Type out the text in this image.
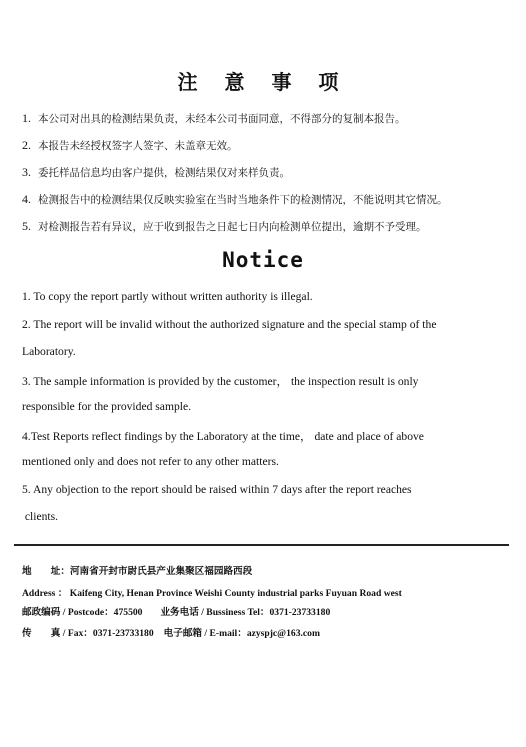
注 意 事 项
1. 本公司对出具的检测结果负责，未经本公司书面同意，不得部分的复制本报告。
2. 本报告未经授权签字人签字、未盖章无效。
3. 委托样品信息均由客户提供，检测结果仅对来样负责。
4. 检测报告中的检测结果仅反映实验室在当时当地条件下的检测情况，不能说明其它情况。
5. 对检测报告若有异议，应于收到报告之日起七日内向检测单位提出，逾期不予受理。
Notice
1. To copy the report partly without written authority is illegal.
2. The report will be invalid without the authorized signature and the special stamp of the
Laboratory.
3. The sample information is provided by the customer， the inspection result is only
responsible for the provided sample.
4.Test Reports reflect findings by the Laboratory at the time， date and place of above
mentioned only and does not refer to any other matters.
5. Any objection to the report should be raised within 7 days after the report reaches
clients.
地　　址：河南省开封市尉氏县产业集聚区福园路西段
Address ： Kaifeng City, Henan Province Weishi County industrial parks Fuyuan Road west
邮政编码 / Postcode：475500 业务电话 / Bussiness Tel：0371-23733180
传　　真 / Fax：0371-23733180 电子邮箱 / E-mail：azyspjc@163.com
